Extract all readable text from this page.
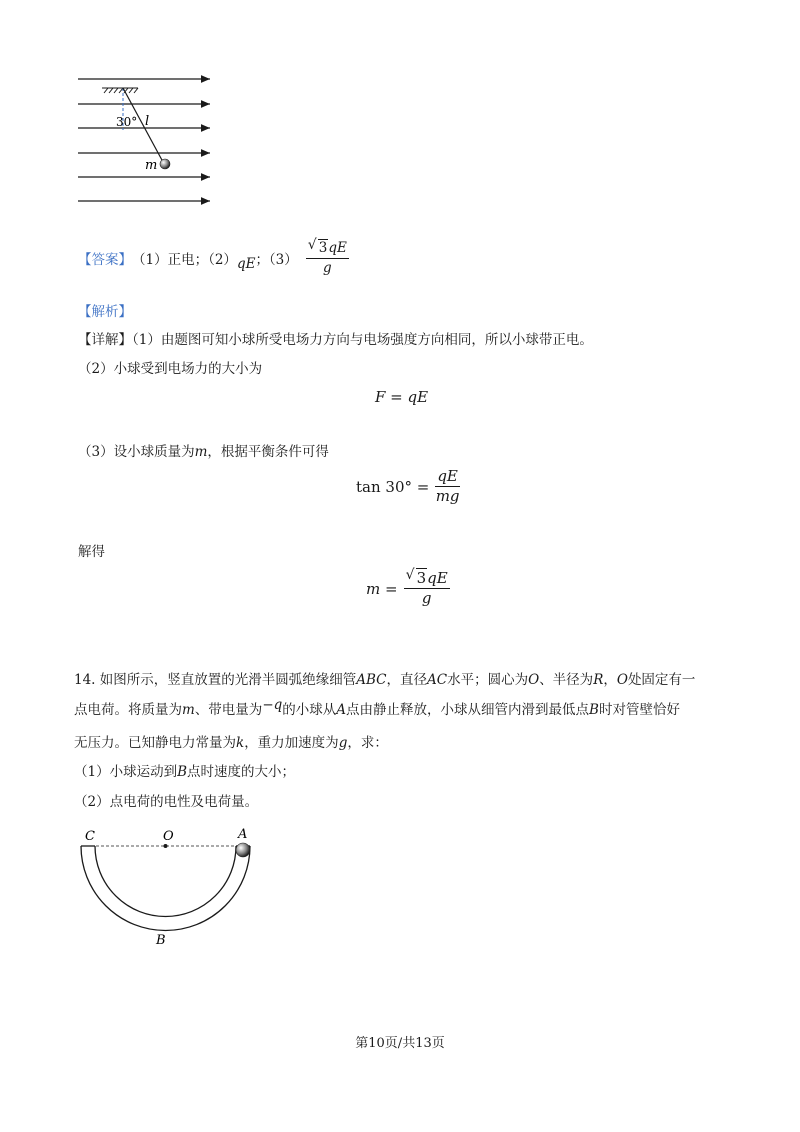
30° l
m
【答案】 （1）正电；（2） qE ；$(3) \frac{√ 3qE}{g}$
【解析】
【详解】（1）由题图可知小球所受电场力方向与电场强度方向相同，所以小球带正电。
（2）小球受到电场力的大小为
F = qE
（3）设小球质量为m，根据平衡条件可得
$\tan 30^\circ = \frac{qE}{mg}$
解得
$m = \frac{√ 3qE}{g}$
14. 如图所示，竖直放置的光滑半圆弧绝缘细管ABC，直径AC水平；圆心为O、半径为R，O处固定有一
点电荷。将质量为m、带电量为−q的小球从A点由静止释放，小球从细管内滑到最低点B时对管壁恰好
无压力。已知静电力常量为k，重力加速度为g，求：
（1）小球运动到B点时速度的大小；
（2）点电荷的电性及电荷量。
C	O	A
B
第10页/共13页
